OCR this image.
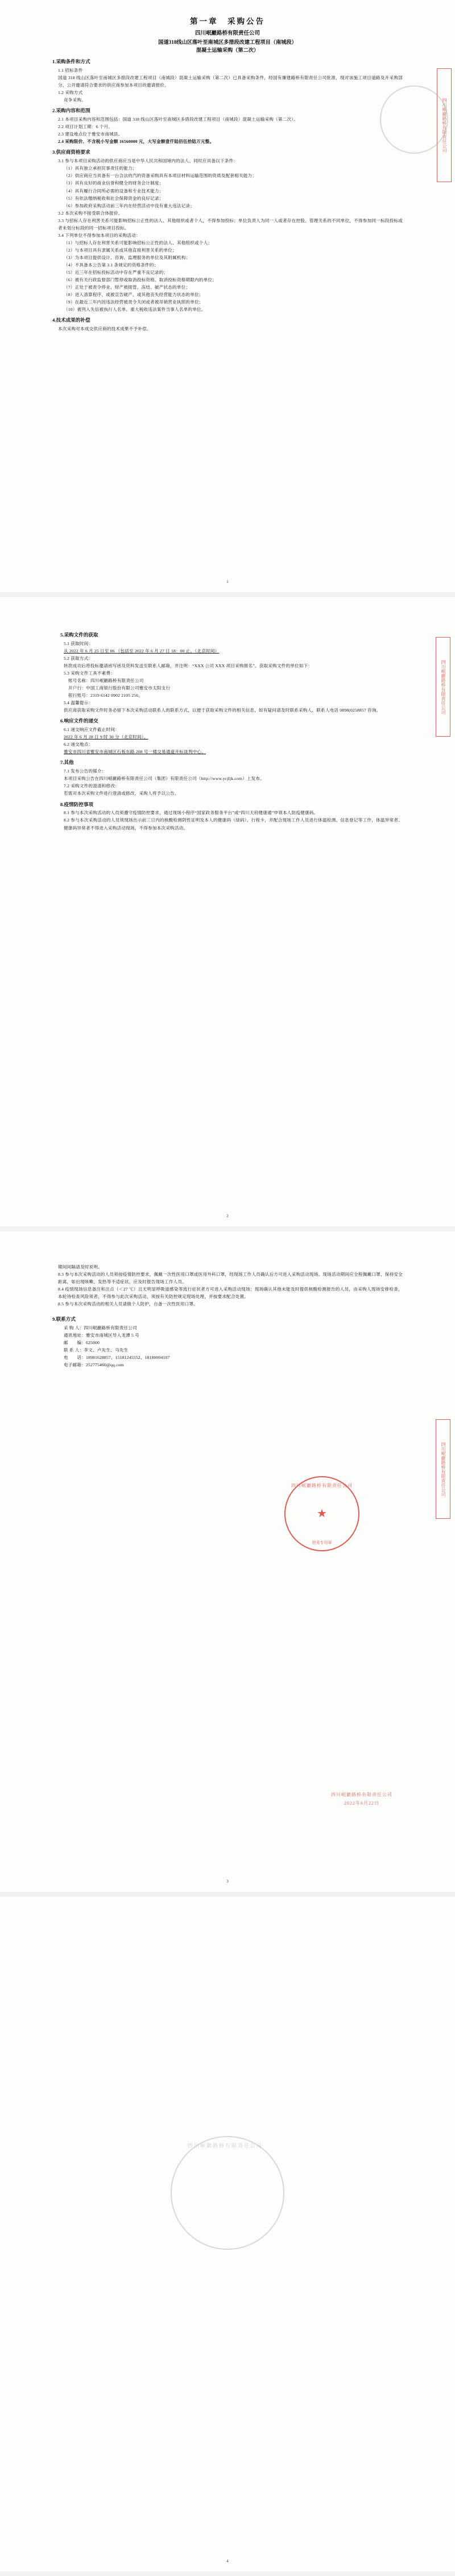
第一章　采购公告

四川岷巖路桥有限责任公司

国道318线山区落叶至南城区多措段改建工程项目（南城段）

混凝土运输采购（第二次）

1.采购条件和方式

1.1 招标条件

国道 318 线山区落叶至南城区多措段改建工程项目（南城段）混凝土运输采购（第二次）已具备采购条件，经国有廉建路桥有限责任公司批准，现对该施工项目道路及开采购部分，公开邀请符合要求的供应商参加本项目的邀请报价。

1.2 采购方式

竞争采购。

2.采购内容和范围

2.1 本项目采购内容和范围包括：国道 318 线山区落叶至南城区多措段改建工程项目（南城段）混凝土运输采购（第二次）。

2.2 项目计划工期：6 个月。

2.3 建设地点位于雅安市南城县。

2.4 采购限价、不含税小写金额 16560000 元，大写金额壹仟陆佰伍拾陆万元整。

3.供应商资格要求

3.1 参与本项目采购活动的供应商应当是中华人民共和国境内的法人、同时应具备以下条件：

（1）具有独立承担民事责任的能力；

（2）供应商应当具备有一台合法的汽的资备采购具有本项目材料运输范围的资质及配套相关能力；

（3）具有良好的商业信誉和健全的财务会计制度；

（4）具有履行合同所必需的设备和专业技术能力；

（5）有依法缴纳税收和社会保障资金的良好记录；

（6）参加政府采购活动前三年内在经营活动中没有重大违法记录；

3.2 本次采购不接受联合体报价。

3.3 与招标人存在利害关系可能影响招标公正性的法人、其他组织或者个人，不得参加投标；单位负责人为同一人或者存在控股、管理关系的不同单位，不得参加同一标段投标或者未划分标段的同一招标项目投标。

3.4 下列单位不得参加本项目的采购活动：

（1）与招标人存在利害关系可能影响招标公正性的法人、其他组织或个人；

（2）与本项目具有隶属关系或其他直接利害关系的单位；

（3）为本项目提供设计、咨询、监理服务的单位及其附属机构；

（4）不具备本公告第 3.1 条规定的资格条件的；

（5）近三年在招标投标活动中存在严重不良记录的；

（6）被有关行政监督部门暂停或取消投标资格、取消投标资格期限内的单位；

（7）正处于被责令停业、财产被接管、冻结、破产状态的单位；

（8）进入清算程序、或被宣告破产、或其他丧失经营能力状态的单位；

（9）在最近三年内因违法经营被责令关闭或者被吊销营业执照的单位；

（10）被列入失信被执行人名单、重大税收违法案件当事人名单的单位。

4.技术成果的补偿

本次采购对本成交供应商的技术成果不予补偿。

1
四川岷巖路桥有限责任公司
5.采购文件的获取

5.1 获取时间：

从 2022 年 6 月 25 日至 06 （包括至 2022 年 6 月 27 日 18：00 止。（北京时间）

5.2 获取方式：

转款成功后将投标邀请函写函及资料发送至联系人邮箱，并注明：“XXX 公司 XXX 项目采购报名”。获取采购文件的单位如下：

5.3 采购文件工具不素费：

账号名称：四川岷巖路桥有限责任公司

开户行：中国工商银行股份有限公司雅安市太阳支行

银行账号：2319 6142 0902 2105 256。

5.4 温馨提示：

供应商获取采购文件时务必留下本次采购活动联系人的联系方式，以便于获取采购文件的相关信息，如有疑问请及时联系采购人，联系人电话 0898(0258857 咨询。

6.响应文件的递交

6.1 递交响应文件截止时间：

2022 年 6 月 28 日 9 时 30 分（北京时间）。

6.2 递交地点：

雅安市四川省雅安市南城区石板东路 208 号一楼交易通道开标谈判中心。

7.其他

7.1 发布公告的媒介：

本项目采购公告在四川岷巖路桥有限责任公司（集团）有限责任公司（http://www.ycjljk.com）上发布。

7.2 采购文件的澄清和修改：

若需对本次采购文件进行澄清或修改，采购人将予以公告。

8.疫情防控事项

8.1 参与本次采购活动的人员须遵守疫情防控要求，通过现场小程序“国家政务服务平台”或“四川天府健康通”申领本人防疫健康码。

8.2 参与本次采购活动的人员须现场出示前三日内的核酸检测阴性证明及本人的健康码（绿码）、行程卡，并配合现场工作人员进行体温检测、信息登记等工作，体温异常者、健康码异常者不得进入采购活动现场，不得参加本次采购活动。

2
四川岷巖路桥有限责任公司

期间间隔请及时说明。

8.3 参与本次采购活动的人员须按疫情防控要求，佩戴一次性医用口罩或医用外科口罩，经现场工作人员确认后方可进入采购活动现场。现场活动期间应全程佩戴口罩，保持安全距离，如出现咳嗽、发热等不适症状，应及时报告现场工作人员。

8.4 疫情现场信息备注和注点（＜27 ℃）且无明显呼吸道感染等流行症状者方可进入采购活动现场；现场确认其他未能及时提供核酸检测报告的人员，由采购人现场安排检查，本轮待检查风险须者，不得参与此次采购活动，须按有关防控规定现场处理，并按要求配合处置。

8.5 参与本次采购活动的相关人员请做个人防护，自备一次性医用口罩。

9.联系方式

采 购 人：四川岷巖路桥有限责任公司

通讯地址：雅安市南城区导入龙潭 5 号

邮　　编：625000

联 系 人：李文、卢先生、马先生

电　　话：18981628857、15181245552、18180004107

电子邮箱：252775460@qq.com

四川岷巖路桥有限责任公司
★
财务专用章
四川岷巖路桥有限责任公司
2022年6月22日
四川岷巖路桥有限责任公司
3
四川岷巖路桥有限责任公司
4
